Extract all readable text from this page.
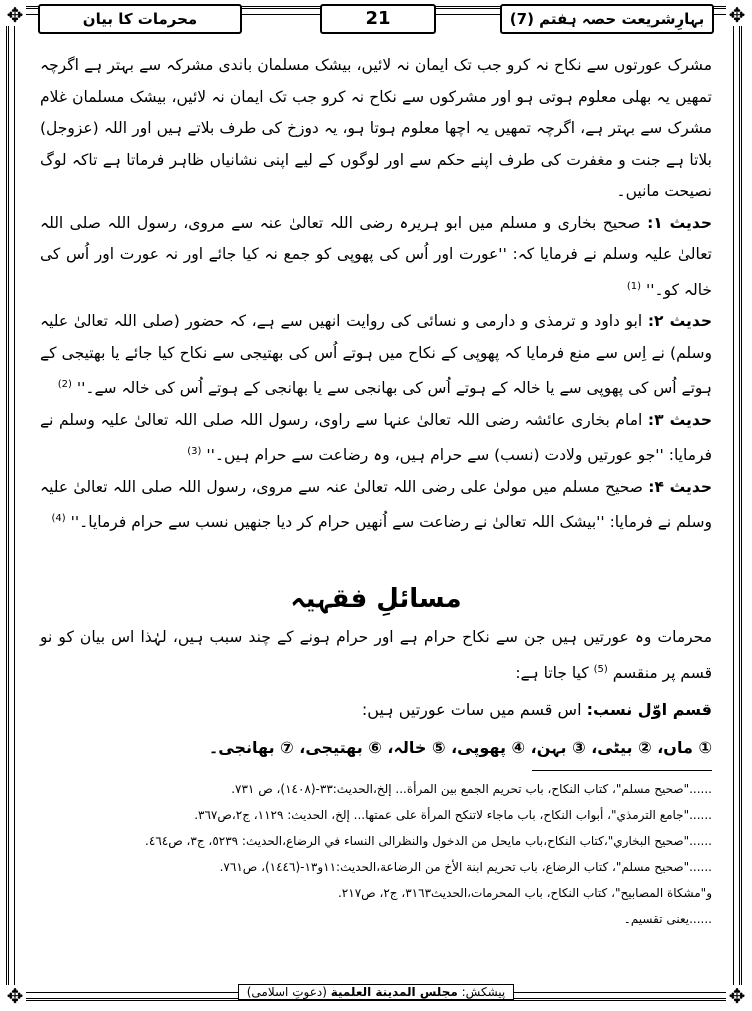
✥	✥
✥	✥
بہارِشریعت حصہ ہفتم (7)
21
محرمات کا بیان

مشرک عورتوں سے نکاح نہ کرو جب تک ایمان نہ لائیں، بیشک مسلمان باندی مشرکہ سے بہتر ہے اگرچہ تمھیں یہ بھلی معلوم ہوتی ہو اور مشرکوں سے نکاح نہ کرو جب تک ایمان نہ لائیں، بیشک مسلمان غلام مشرک سے بہتر ہے، اگرچہ تمھیں یہ اچھا معلوم ہوتا ہو، یہ دوزخ کی طرف بلاتے ہیں اور اللہ (عزوجل) بلاتا ہے جنت و مغفرت کی طرف اپنے حکم سے اور لوگوں کے لیے اپنی نشانیاں ظاہر فرماتا ہے تاکہ لوگ نصیحت مانیں۔

حدیث ۱: صحیح بخاری و مسلم میں ابو ہریرہ رضی اللہ تعالیٰ عنہ سے مروی، رسول اللہ صلی اللہ تعالیٰ علیہ وسلم نے فرمایا کہ: ''عورت اور اُس کی پھوپی کو جمع نہ کیا جائے اور نہ عورت اور اُس کی خالہ کو۔'' $^{(1)}$

حدیث ۲: ابو داود و ترمذی و دارمی و نسائی کی روایت انھیں سے ہے، کہ حضور (صلی اللہ تعالیٰ علیہ وسلم) نے اِس سے منع فرمایا کہ پھوپی کے نکاح میں ہوتے اُس کی بھتیجی سے نکاح کیا جائے یا بھتیجی کے ہوتے اُس کی پھوپی سے یا خالہ کے ہوتے اُس کی بھانجی سے یا بھانجی کے ہوتے اُس کی خالہ سے۔'' $^{(2)}$

حدیث ۳: امام بخاری عائشہ رضی اللہ تعالیٰ عنہا سے راوی، رسول اللہ صلی اللہ تعالیٰ علیہ وسلم نے فرمایا: ''جو عورتیں ولادت (نسب) سے حرام ہیں، وہ رضاعت سے حرام ہیں۔'' $^{(3)}$

حدیث ۴: صحیح مسلم میں مولیٰ علی رضی اللہ تعالیٰ عنہ سے مروی، رسول اللہ صلی اللہ تعالیٰ علیہ وسلم نے فرمایا: ''بیشک اللہ تعالیٰ نے رضاعت سے اُنھیں حرام کر دیا جنھیں نسب سے حرام فرمایا۔'' $^{(4)}$

مسائلِ فقہیہ
محرمات وہ عورتیں ہیں جن سے نکاح حرام ہے اور حرام ہونے کے چند سبب ہیں، لہٰذا اس بیان کو نو قسم پر منقسم $^{(5)}$ کیا جاتا ہے:
قسم اوّل نسب: اس قسم میں سات عورتیں ہیں:
① ماں، ② بیٹی، ③ بہن، ④ پھوپی، ⑤ خالہ، ⑥ بھتیجی، ⑦ بھانجی۔
......"صحيح مسلم"، كتاب النكاح، باب تحريم الجمع بين المرأة... إلخ،الحديث:٣٣-(١٤٠٨)، ص ٧٣١.
......"جامع الترمذي"، أبواب النكاح، باب ماجاء لاتنكح المرأة على عمتها... إلخ، الحديث: ١١٢٩، ج٢،ص٣٦٧.
......"صحيح البخاري"،كتاب النكاح،باب مايحل من الدخول والنظرالى النساء في الرضاع،الحديث: ٥٢٣٩، ج٣، ص٤٦٤.
......"صحيح مسلم"، كتاب الرضاع، باب تحريم ابنة الأخ من الرضاعة،الحديث:١١و١٣-(١٤٤٦)، ص٧٦١.
و"مشكاة المصابيح"، كتاب النكاح، باب المحرمات،الحديث٣١٦٣، ج٢، ص٢١٧.
......یعنی تقسیم۔
پیشکش: مجلس المدينة العلمية (دعوتِ اسلامی)
